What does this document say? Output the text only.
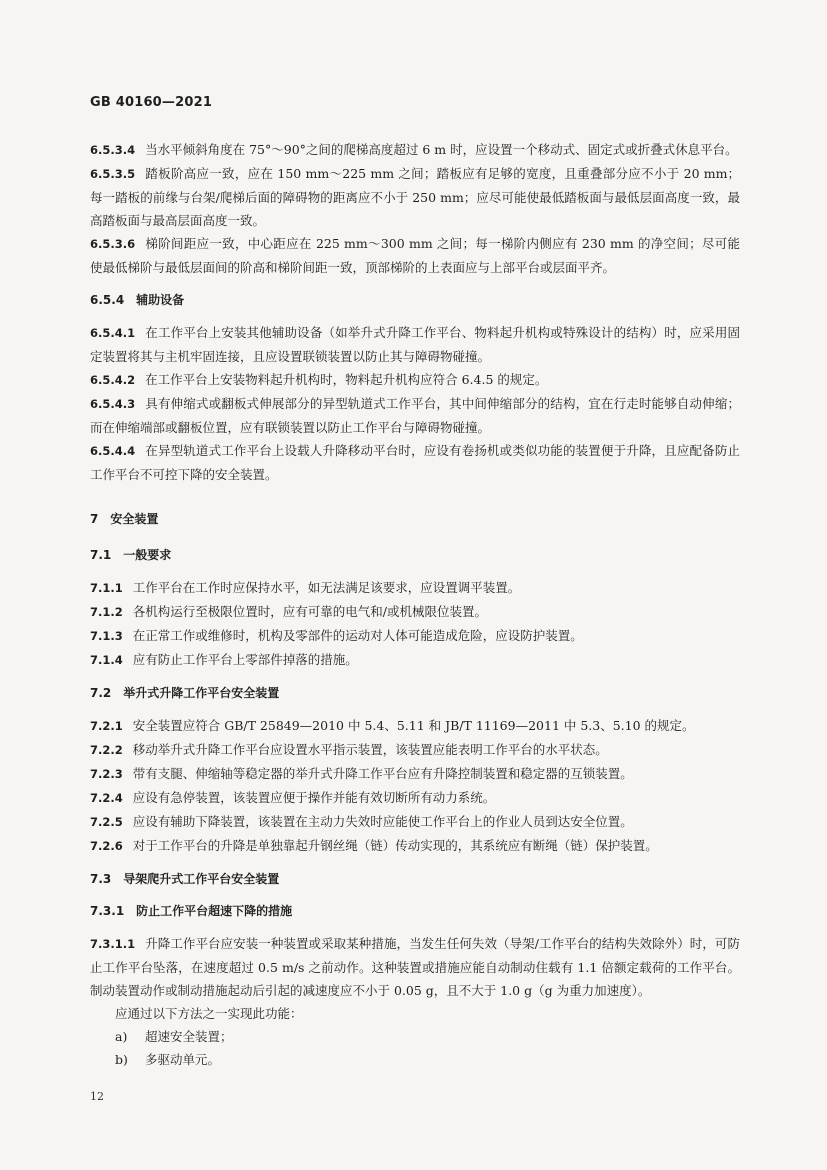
GB 40160—2021

6.5.3.4 当水平倾斜角度在 75°～90°之间的爬梯高度超过 6 m 时，应设置一个移动式、固定式或折叠式休息平台。

6.5.3.5 踏板阶高应一致，应在 150 mm～225 mm 之间；踏板应有足够的宽度，且重叠部分应不小于 20 mm；每一踏板的前缘与台架/爬梯后面的障碍物的距离应不小于 250 mm；应尽可能使最低踏板面与最低层面高度一致，最高踏板面与最高层面高度一致。

6.5.3.6 梯阶间距应一致，中心距应在 225 mm～300 mm 之间；每一梯阶内侧应有 230 mm 的净空间；尽可能使最低梯阶与最低层面间的阶高和梯阶间距一致，顶部梯阶的上表面应与上部平台或层面平齐。

6.5.4 辅助设备

6.5.4.1 在工作平台上安装其他辅助设备（如举升式升降工作平台、物料起升机构或特殊设计的结构）时，应采用固定装置将其与主机牢固连接，且应设置联锁装置以防止其与障碍物碰撞。

6.5.4.2 在工作平台上安装物料起升机构时，物料起升机构应符合 6.4.5 的规定。

6.5.4.3 具有伸缩式或翻板式伸展部分的异型轨道式工作平台，其中间伸缩部分的结构，宜在行走时能够自动伸缩；而在伸缩端部或翻板位置，应有联锁装置以防止工作平台与障碍物碰撞。

6.5.4.4 在异型轨道式工作平台上设载人升降移动平台时，应设有卷扬机或类似功能的装置便于升降，且应配备防止工作平台不可控下降的安全装置。

7 安全装置

7.1 一般要求

7.1.1 工作平台在工作时应保持水平，如无法满足该要求，应设置调平装置。

7.1.2 各机构运行至极限位置时，应有可靠的电气和/或机械限位装置。

7.1.3 在正常工作或维修时，机构及零部件的运动对人体可能造成危险，应设防护装置。

7.1.4 应有防止工作平台上零部件掉落的措施。

7.2 举升式升降工作平台安全装置

7.2.1 安全装置应符合 GB/T 25849—2010 中 5.4、5.11 和 JB/T 11169—2011 中 5.3、5.10 的规定。

7.2.2 移动举升式升降工作平台应设置水平指示装置，该装置应能表明工作平台的水平状态。

7.2.3 带有支腿、伸缩轴等稳定器的举升式升降工作平台应有升降控制装置和稳定器的互锁装置。

7.2.4 应设有急停装置，该装置应便于操作并能有效切断所有动力系统。

7.2.5 应设有辅助下降装置，该装置在主动力失效时应能使工作平台上的作业人员到达安全位置。

7.2.6 对于工作平台的升降是单独靠起升钢丝绳（链）传动实现的，其系统应有断绳（链）保护装置。

7.3 导架爬升式工作平台安全装置

7.3.1 防止工作平台超速下降的措施

7.3.1.1 升降工作平台应安装一种装置或采取某种措施，当发生任何失效（导架/工作平台的结构失效除外）时，可防止工作平台坠落，在速度超过 0.5 m/s 之前动作。这种装置或措施应能自动制动住载有 1.1 倍额定载荷的工作平台。制动装置动作或制动措施起动后引起的减速度应不小于 0.05 g，且不大于 1.0 g（g 为重力加速度）。

应通过以下方法之一实现此功能：

a) 超速安全装置；
b) 多驱动单元。
12
